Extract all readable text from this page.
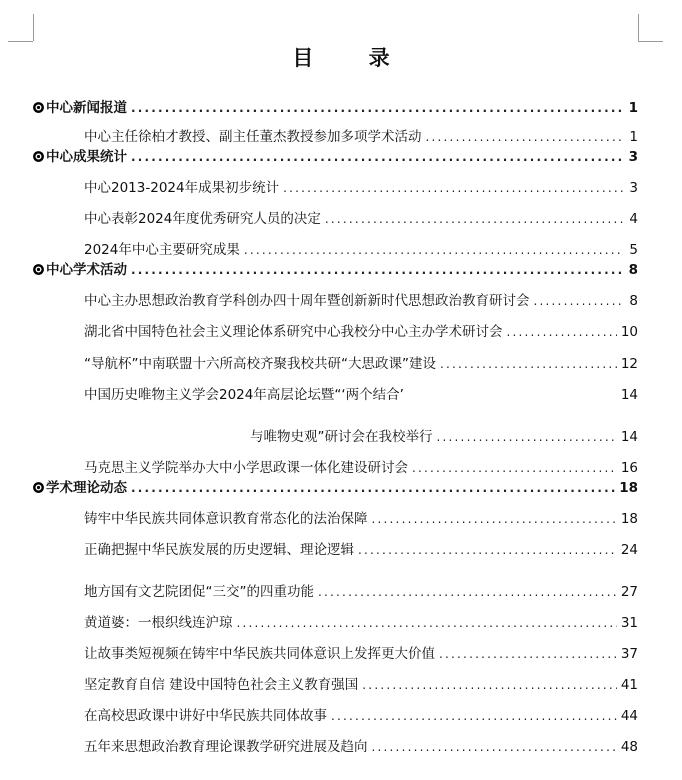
目 录
中心新闻报道 .....	1
中心主任徐柏才教授、副主任董杰教授参加多项学术活动 .....	1
中心成果统计 .....	3
中心2013-2024年成果初步统计 .....	3
中心表彰2024年度优秀研究人员的决定 .....	4
2024年中心主要研究成果 .....	5
中心学术活动 .....	8
中心主办思想政治教育学科创办四十周年暨创新新时代思想政治教育研讨会 .....	8
湖北省中国特色社会主义理论体系研究中心我校分中心主办学术研讨会 .....	10
“导航杯”中南联盟十六所高校齐聚我校共研“大思政课”建设 .....	12
中国历史唯物主义学会2024年高层论坛暨“‘两个结合’	14
与唯物史观”研讨会在我校举行 .....	14
马克思主义学院举办大中小学思政课一体化建设研讨会 .....	16
学术理论动态 .....	18
铸牢中华民族共同体意识教育常态化的法治保障 .....	18
正确把握中华民族发展的历史逻辑、理论逻辑 .....	24
地方国有文艺院团促“三交”的四重功能 .....	27
黄道婆：一根织线连沪琼 .....	31
让故事类短视频在铸牢中华民族共同体意识上发挥更大价值 .....	37
坚定教育自信 建设中国特色社会主义教育强国 .....	41
在高校思政课中讲好中华民族共同体故事 .....	44
五年来思想政治教育理论课教学研究进展及趋向 .....	48
